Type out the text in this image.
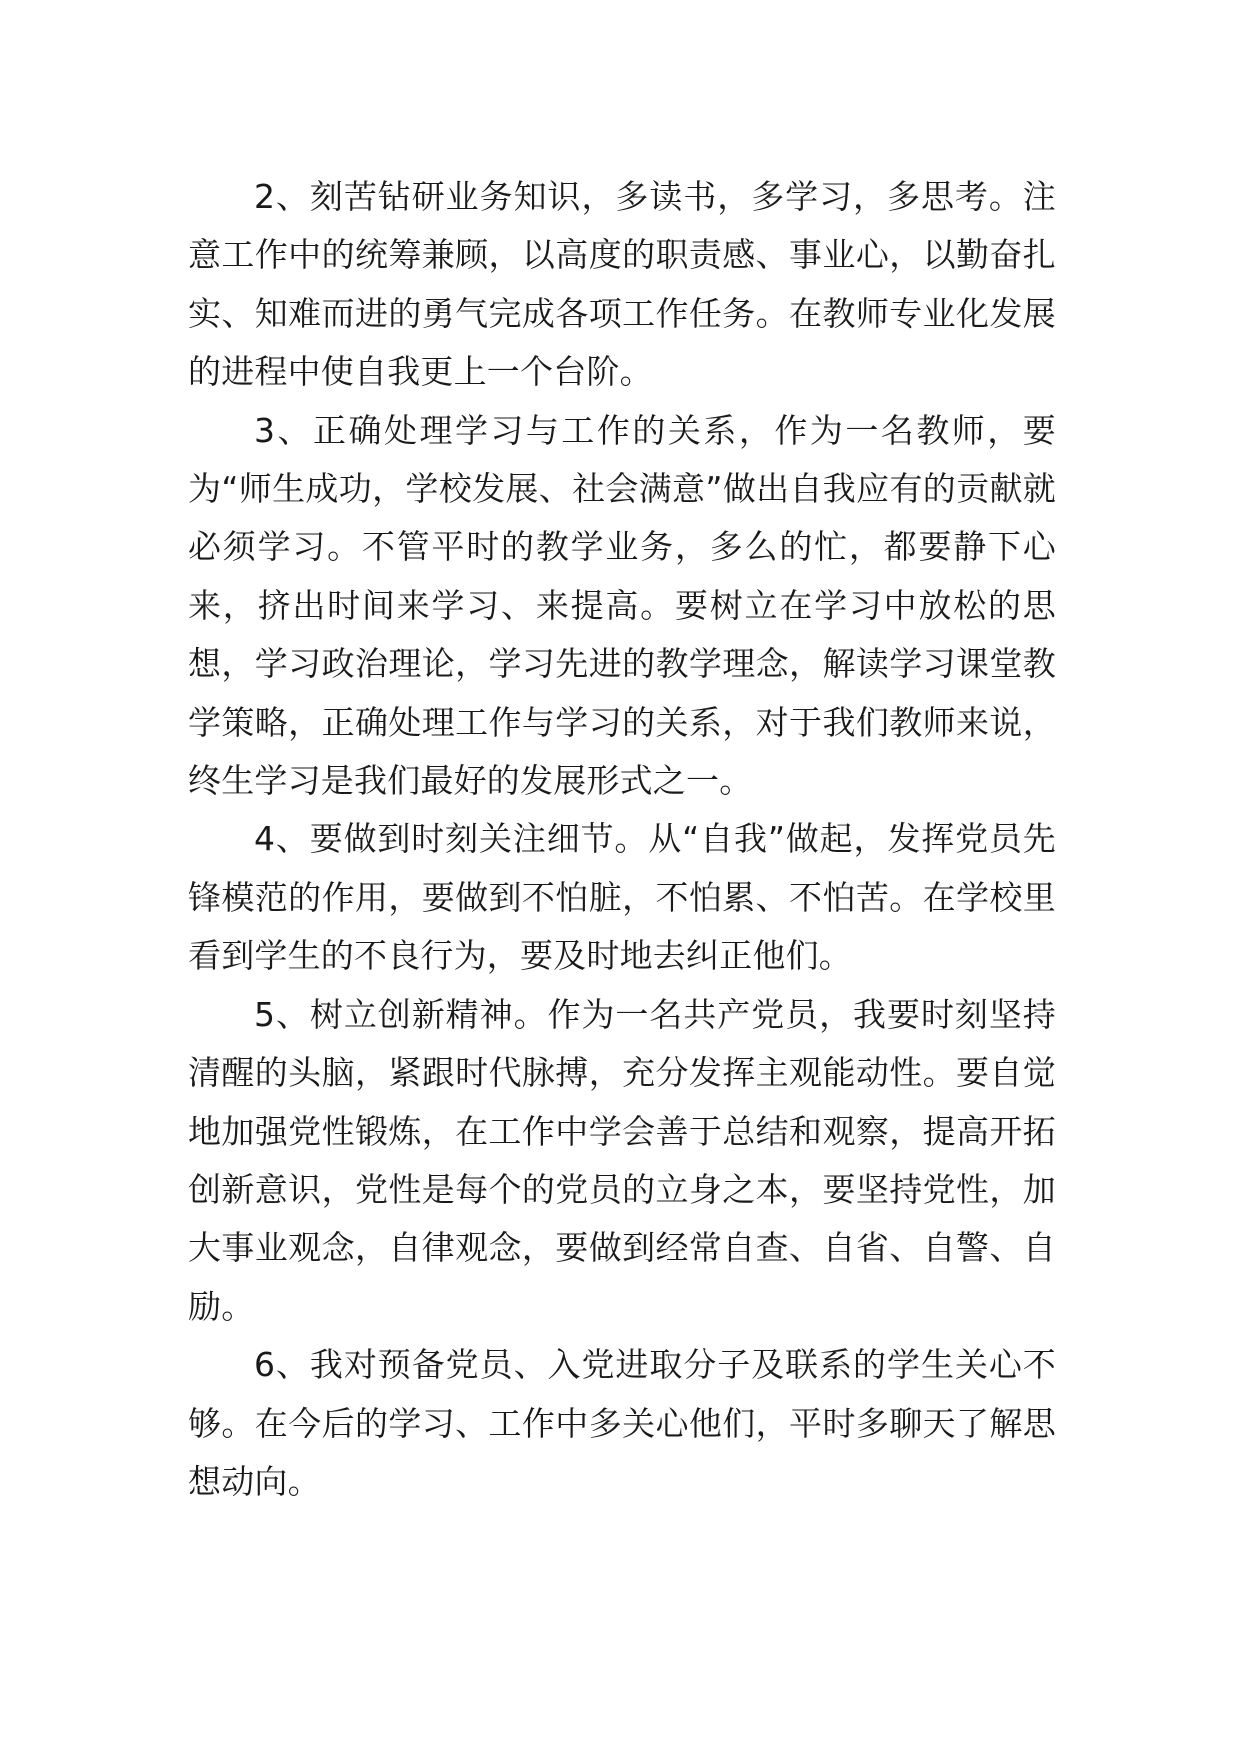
2、刻苦钻研业务知识，多读书，多学习，多思考。注意工作中的统筹兼顾，以高度的职责感、事业心，以勤奋扎实、知难而进的勇气完成各项工作任务。在教师专业化发展的进程中使自我更上一个台阶。

3、正确处理学习与工作的关系，作为一名教师，要为“师生成功，学校发展、社会满意”做出自我应有的贡献就必须学习。不管平时的教学业务，多么的忙，都要静下心来，挤出时间来学习、来提高。要树立在学习中放松的思想，学习政治理论，学习先进的教学理念，解读学习课堂教学策略，正确处理工作与学习的关系，对于我们教师来说，终生学习是我们最好的发展形式之一。

4、要做到时刻关注细节。从“自我”做起，发挥党员先锋模范的作用，要做到不怕脏，不怕累、不怕苦。在学校里看到学生的不良行为，要及时地去纠正他们。

5、树立创新精神。作为一名共产党员，我要时刻坚持清醒的头脑，紧跟时代脉搏，充分发挥主观能动性。要自觉地加强党性锻炼，在工作中学会善于总结和观察，提高开拓创新意识，党性是每个的党员的立身之本，要坚持党性，加大事业观念，自律观念，要做到经常自查、自省、自警、自励。

6、我对预备党员、入党进取分子及联系的学生关心不够。在今后的学习、工作中多关心他们，平时多聊天了解思想动向。
